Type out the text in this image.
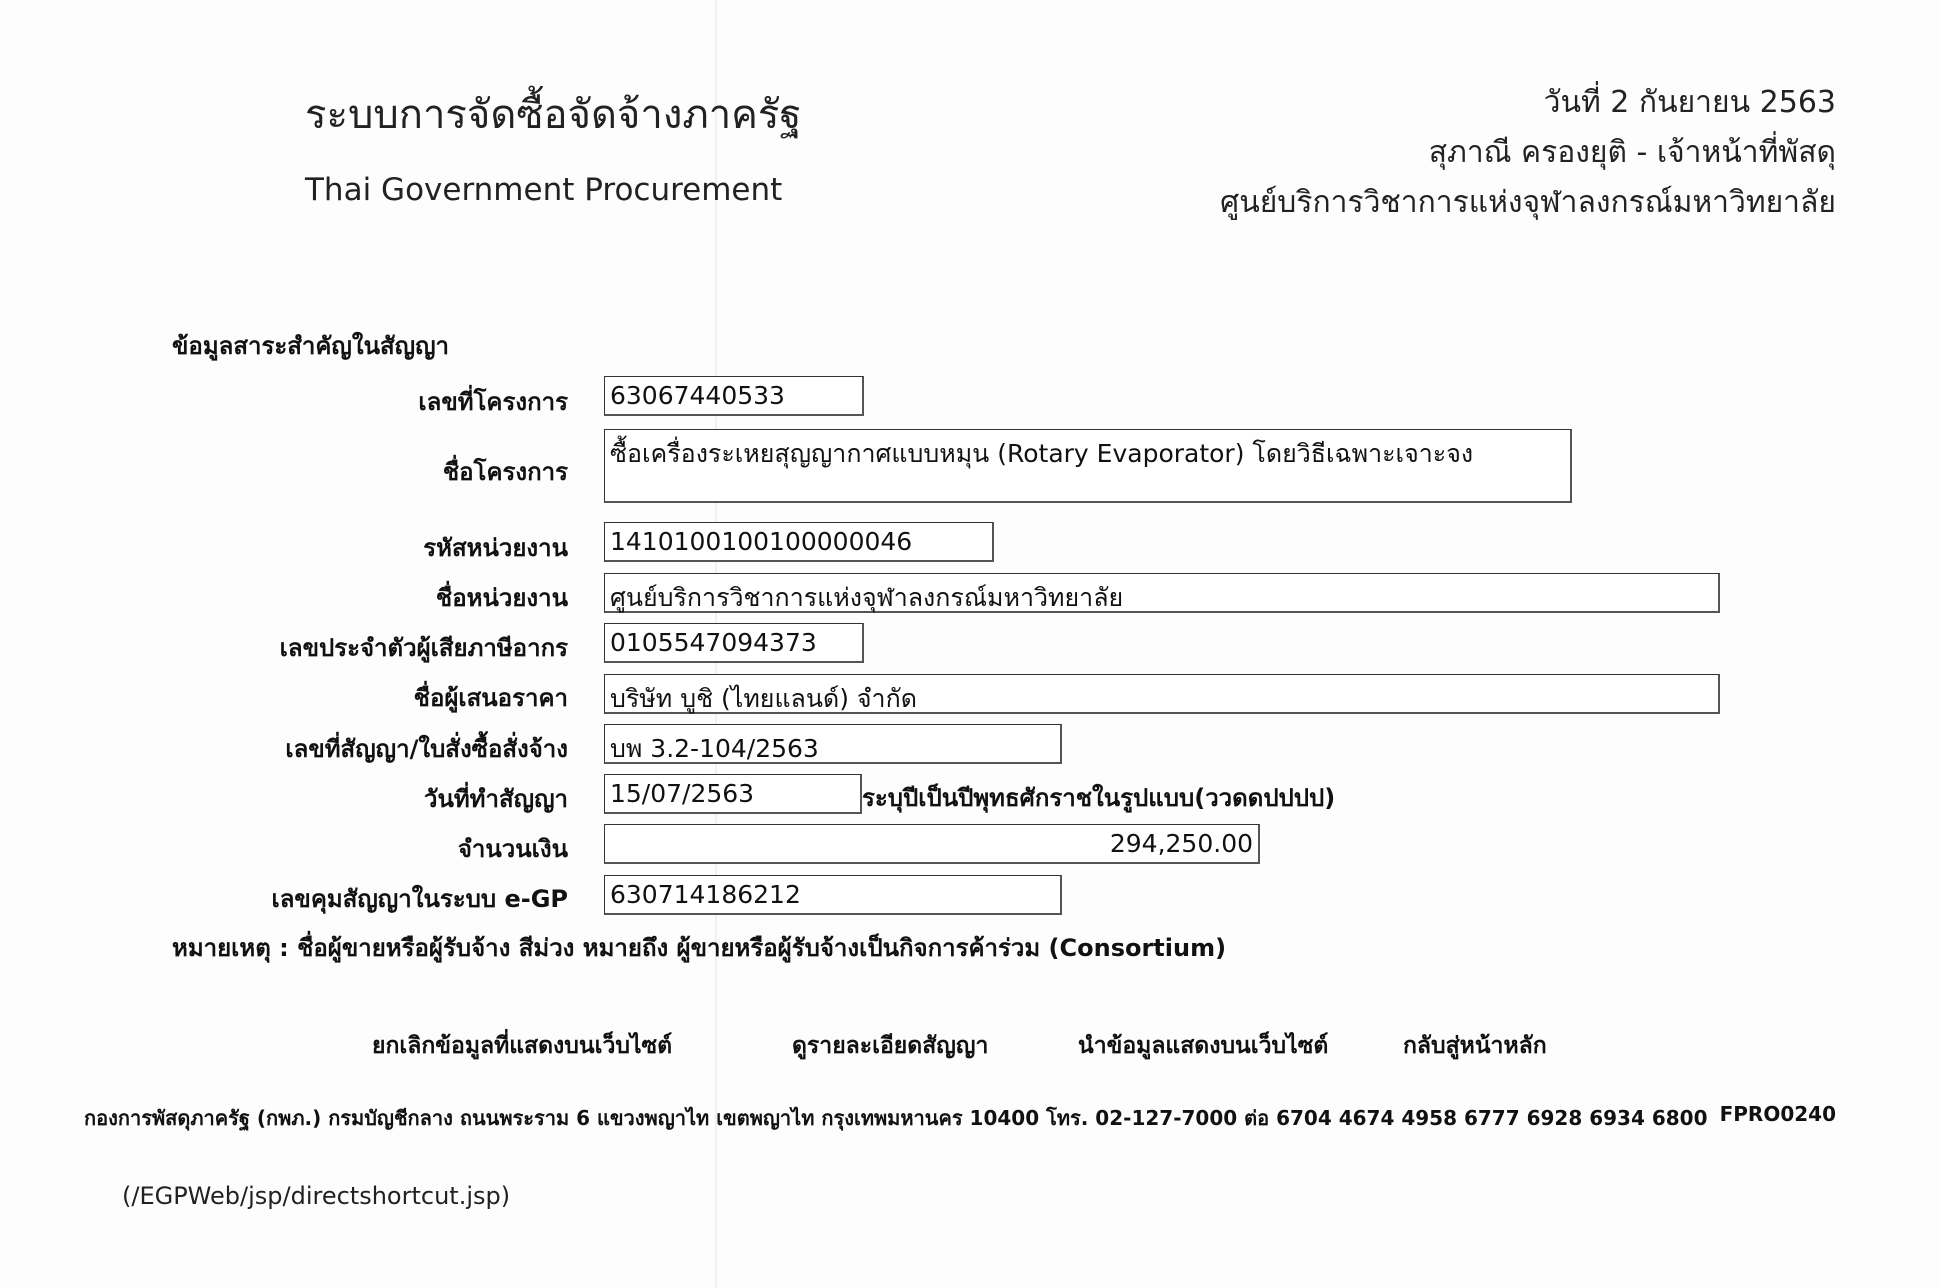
ระบบการจัดซื้อจัดจ้างภาครัฐ
Thai Government Procurement
วันที่ 2 กันยายน 2563
สุภาณี ครองยุติ - เจ้าหน้าที่พัสดุ
ศูนย์บริการวิชาการแห่งจุฬาลงกรณ์มหาวิทยาลัย
ข้อมูลสาระสำคัญในสัญญา
เลขที่โครงการ 63067440533
ชื่อโครงการ
ซื้อเครื่องระเหยสุญญากาศแบบหมุน (Rotary Evaporator) โดยวิธีเฉพาะเจาะจง
รหัสหน่วยงาน 1410100100100000046
ชื่อหน่วยงาน ศูนย์บริการวิชาการแห่งจุฬาลงกรณ์มหาวิทยาลัย
เลขประจำตัวผู้เสียภาษีอากร 0105547094373
ชื่อผู้เสนอราคา บริษัท บูชิ (ไทยแลนด์) จำกัด
เลขที่สัญญา/ใบสั่งซื้อสั่งจ้าง บพ 3.2-104/2563
วันที่ทำสัญญา 15/07/2563	ระบุปีเป็นปีพุทธศักราชในรูปแบบ(ววดดปปปป)
จำนวนเงิน	294,250.00
เลขคุมสัญญาในระบบ e-GP 630714186212
หมายเหตุ : ชื่อผู้ขายหรือผู้รับจ้าง สีม่วง หมายถึง ผู้ขายหรือผู้รับจ้างเป็นกิจการค้าร่วม (Consortium)
ยกเลิกข้อมูลที่แสดงบนเว็บไซต์	ดูรายละเอียดสัญญา	นำข้อมูลแสดงบนเว็บไซต์	กลับสู่หน้าหลัก
กองการพัสดุภาครัฐ (กพภ.) กรมบัญชีกลาง ถนนพระราม 6 แขวงพญาไท เขตพญาไท กรุงเทพมหานคร 10400 โทร. 02-127-7000 ต่อ 6704 4674 4958 6777 6928 6934 6800 FPRO0240
(/EGPWeb/jsp/directshortcut.jsp)
